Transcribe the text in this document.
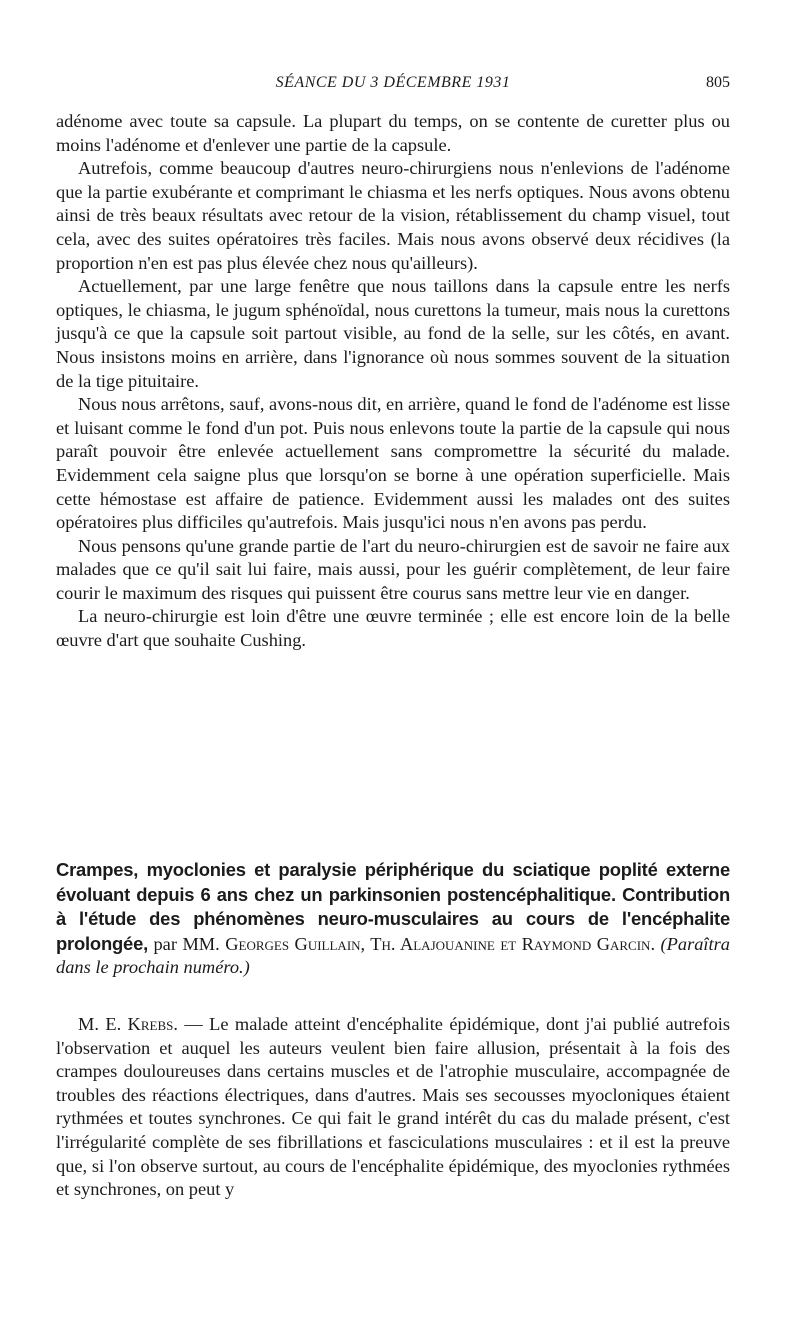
SÉANCE DU 3 DÉCEMBRE 1931	805

adénome avec toute sa capsule. La plupart du temps, on se contente de curetter plus ou moins l'adénome et d'enlever une partie de la capsule.

Autrefois, comme beaucoup d'autres neuro-chirurgiens nous n'enlevions de l'adénome que la partie exubérante et comprimant le chiasma et les nerfs optiques. Nous avons obtenu ainsi de très beaux résultats avec retour de la vision, rétablissement du champ visuel, tout cela, avec des suites opératoires très faciles. Mais nous avons observé deux récidives (la proportion n'en est pas plus élevée chez nous qu'ailleurs).

Actuellement, par une large fenêtre que nous taillons dans la capsule entre les nerfs optiques, le chiasma, le jugum sphénoïdal, nous curettons la tumeur, mais nous la curettons jusqu'à ce que la capsule soit partout visible, au fond de la selle, sur les côtés, en avant. Nous insistons moins en arrière, dans l'ignorance où nous sommes souvent de la situation de la tige pituitaire.

Nous nous arrêtons, sauf, avons-nous dit, en arrière, quand le fond de l'adénome est lisse et luisant comme le fond d'un pot. Puis nous enlevons toute la partie de la capsule qui nous paraît pouvoir être enlevée actuellement sans compromettre la sécurité du malade. Evidemment cela saigne plus que lorsqu'on se borne à une opération superficielle. Mais cette hémostase est affaire de patience. Evidemment aussi les malades ont des suites opératoires plus difficiles qu'autrefois. Mais jusqu'ici nous n'en avons pas perdu.

Nous pensons qu'une grande partie de l'art du neuro-chirurgien est de savoir ne faire aux malades que ce qu'il sait lui faire, mais aussi, pour les guérir complètement, de leur faire courir le maximum des risques qui puissent être courus sans mettre leur vie en danger.

La neuro-chirurgie est loin d'être une œuvre terminée ; elle est encore loin de la belle œuvre d'art que souhaite Cushing.

Crampes, myoclonies et paralysie périphérique du sciatique poplité externe évoluant depuis 6 ans chez un parkinsonien postencéphalitique. Contribution à l'étude des phénomènes neuro-musculaires au cours de l'encéphalite prolongée, par MM. Georges Guillain, Th. Alajouanine et Raymond Garcin. (Paraîtra dans le prochain numéro.)

M. E. Krebs. — Le malade atteint d'encéphalite épidémique, dont j'ai publié autrefois l'observation et auquel les auteurs veulent bien faire allusion, présentait à la fois des crampes douloureuses dans certains muscles et de l'atrophie musculaire, accompagnée de troubles des réactions électriques, dans d'autres. Mais ses secousses myocloniques étaient rythmées et toutes synchrones. Ce qui fait le grand intérêt du cas du malade présent, c'est l'irrégularité complète de ses fibrillations et fasciculations musculaires : et il est la preuve que, si l'on observe surtout, au cours de l'encéphalite épidémique, des myoclonies rythmées et synchrones, on peut y
